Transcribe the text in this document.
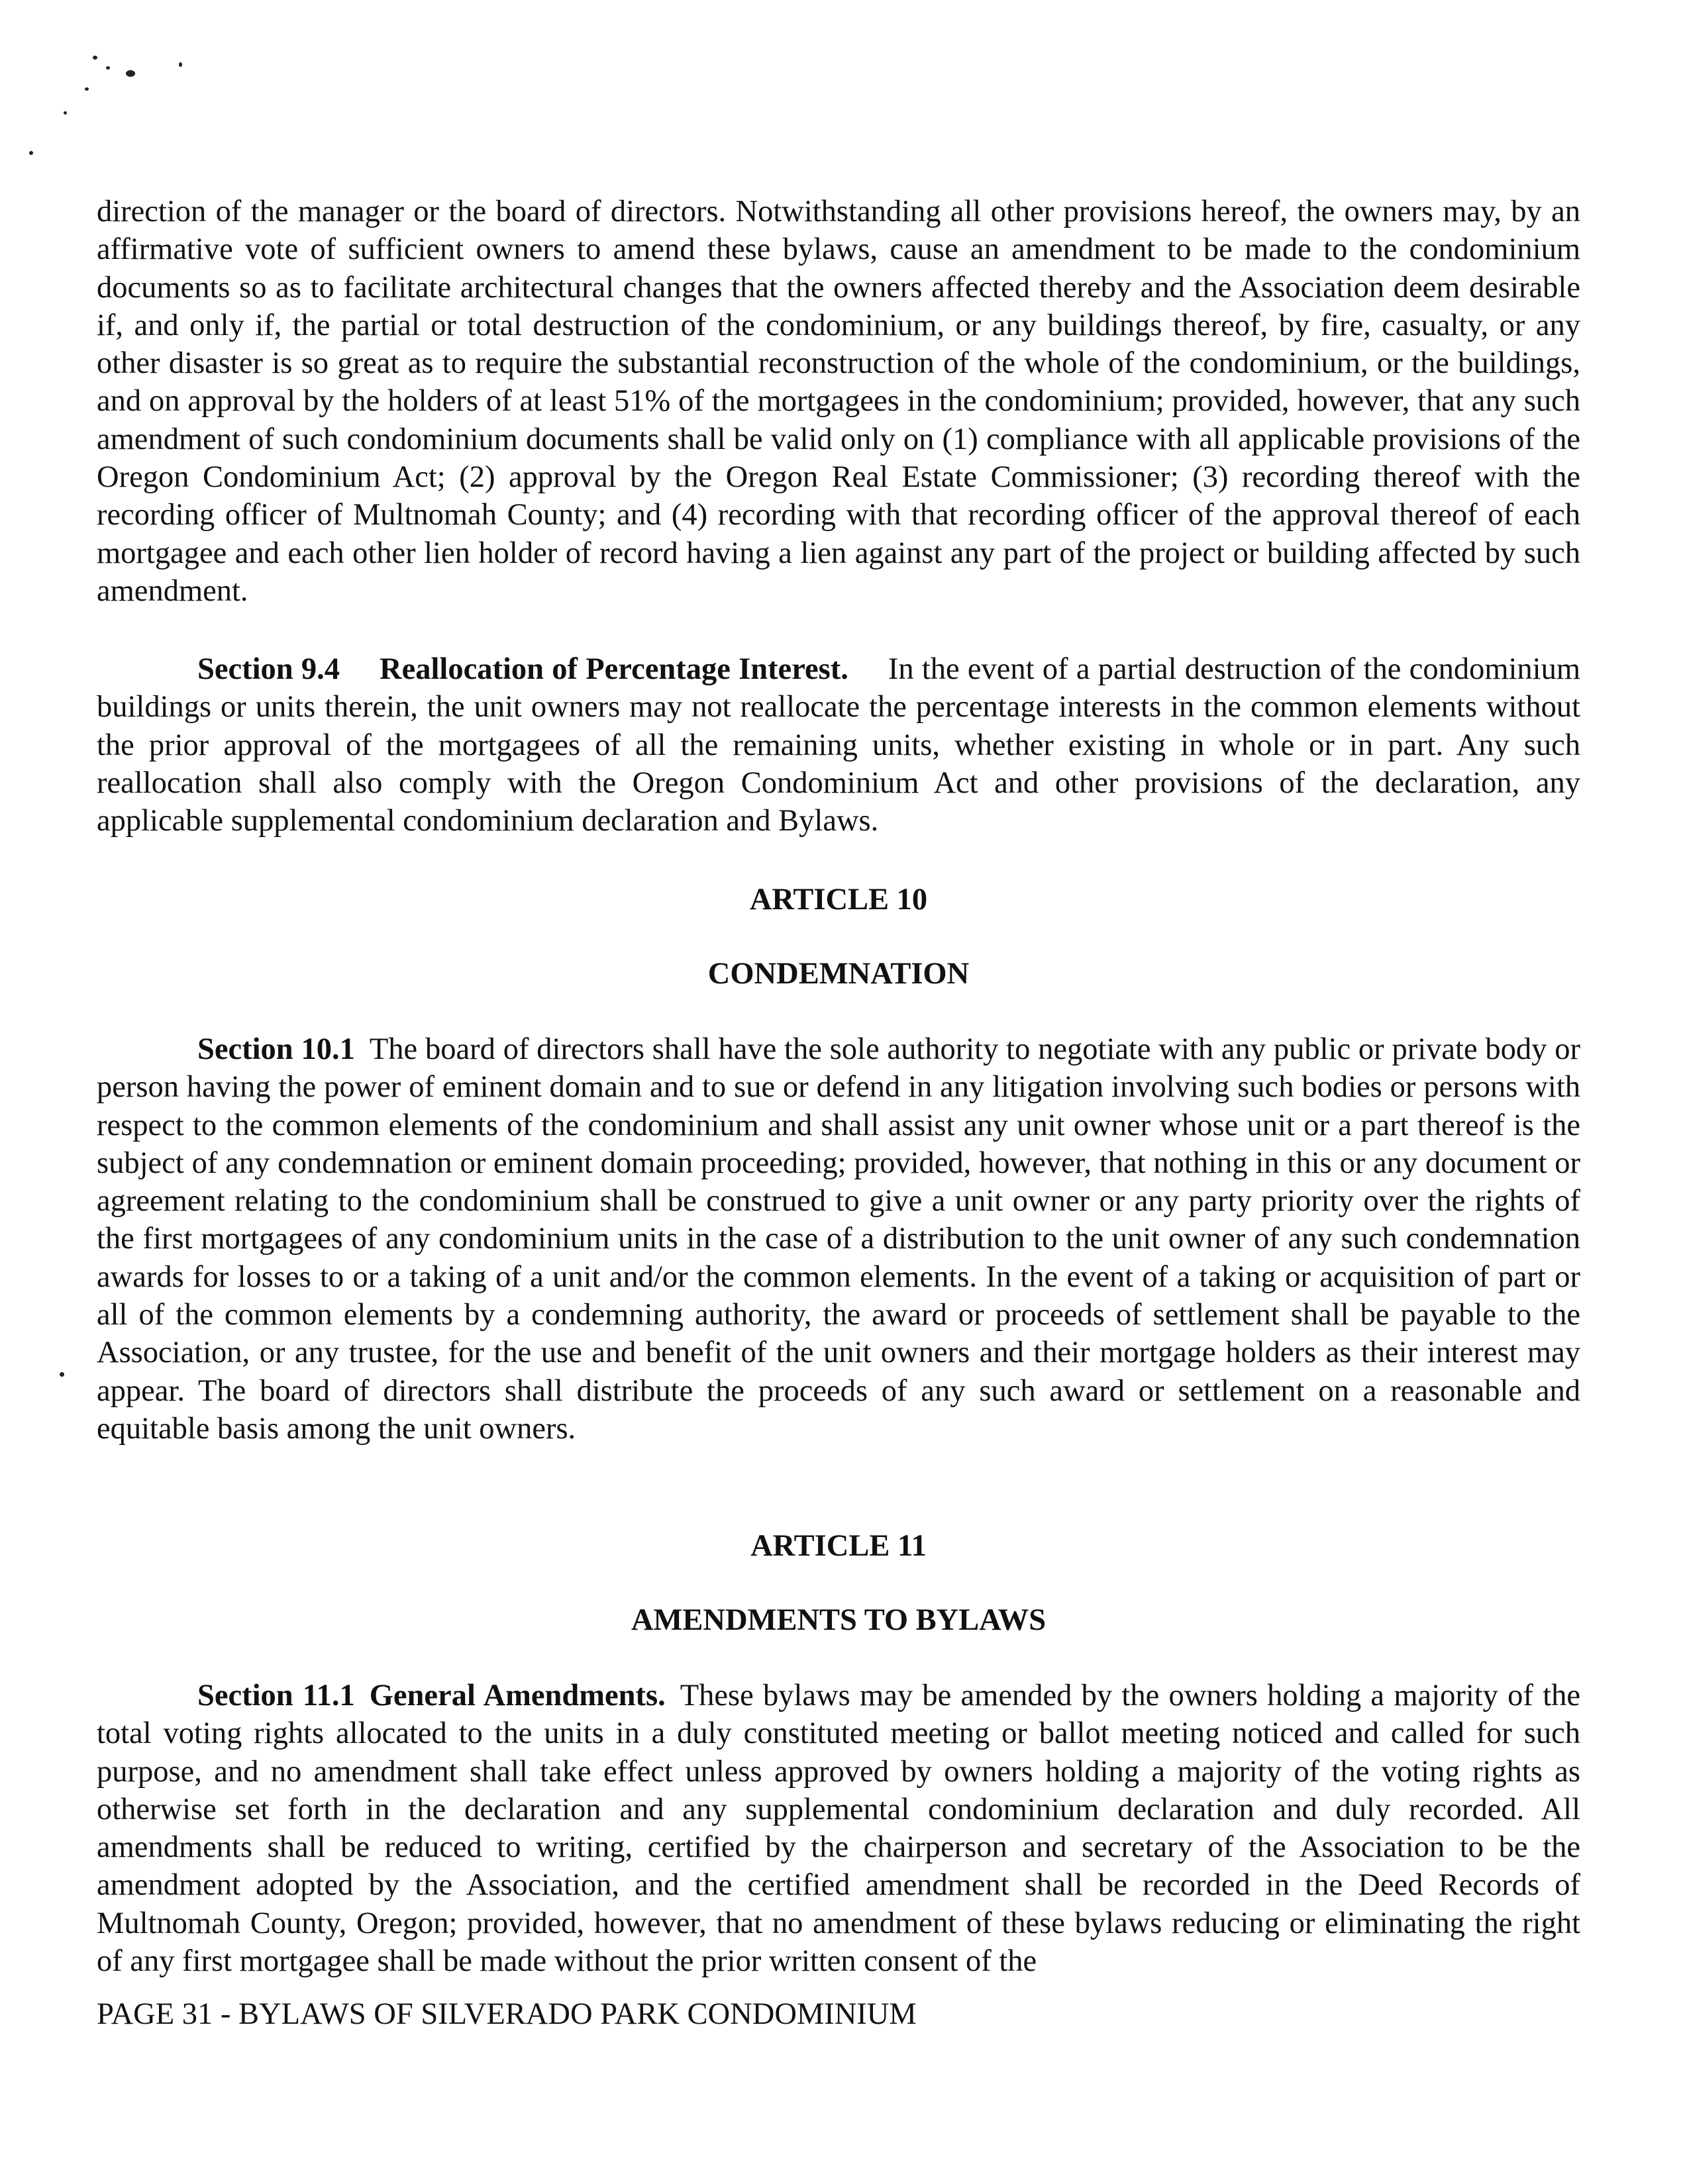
direction of the manager or the board of directors. Notwithstanding all other provisions hereof, the owners may, by an affirmative vote of sufficient owners to amend these bylaws, cause an amendment to be made to the condominium documents so as to facilitate architectural changes that the owners affected thereby and the Association deem desirable if, and only if, the partial or total destruction of the condominium, or any buildings thereof, by fire, casualty, or any other disaster is so great as to require the substantial reconstruction of the whole of the condominium, or the buildings, and on approval by the holders of at least 51% of the mortgagees in the condominium; provided, however, that any such amendment of such condominium documents shall be valid only on (1) compliance with all applicable provisions of the Oregon Condominium Act; (2) approval by the Oregon Real Estate Commissioner; (3) recording thereof with the recording officer of Multnomah County; and (4) recording with that recording officer of the approval thereof of each mortgagee and each other lien holder of record having a lien against any part of the project or building affected by such amendment.

Section 9.4 Reallocation of Percentage Interest. In the event of a partial destruction of the condominium buildings or units therein, the unit owners may not reallocate the percentage interests in the common elements without the prior approval of the mortgagees of all the remaining units, whether existing in whole or in part. Any such reallocation shall also comply with the Oregon Condominium Act and other provisions of the declaration, any applicable supplemental condominium declaration and Bylaws.

ARTICLE 10
CONDEMNATION

Section 10.1 The board of directors shall have the sole authority to negotiate with any public or private body or person having the power of eminent domain and to sue or defend in any litigation involving such bodies or persons with respect to the common elements of the condominium and shall assist any unit owner whose unit or a part thereof is the subject of any condemnation or eminent domain proceeding; provided, however, that nothing in this or any document or agreement relating to the condominium shall be construed to give a unit owner or any party priority over the rights of the first mortgagees of any condominium units in the case of a distribution to the unit owner of any such condemnation awards for losses to or a taking of a unit and/or the common elements. In the event of a taking or acquisition of part or all of the common elements by a condemning authority, the award or proceeds of settlement shall be payable to the Association, or any trustee, for the use and benefit of the unit owners and their mortgage holders as their interest may appear. The board of directors shall distribute the proceeds of any such award or settlement on a reasonable and equitable basis among the unit owners.

ARTICLE 11
AMENDMENTS TO BYLAWS

Section 11.1 General Amendments. These bylaws may be amended by the owners holding a majority of the total voting rights allocated to the units in a duly constituted meeting or ballot meeting noticed and called for such purpose, and no amendment shall take effect unless approved by owners holding a majority of the voting rights as otherwise set forth in the declaration and any supplemental condominium declaration and duly recorded. All amendments shall be reduced to writing, certified by the chairperson and secretary of the Association to be the amendment adopted by the Association, and the certified amendment shall be recorded in the Deed Records of Multnomah County, Oregon; provided, however, that no amendment of these bylaws reducing or eliminating the right of any first mortgagee shall be made without the prior written consent of the

PAGE 31 - BYLAWS OF SILVERADO PARK CONDOMINIUM
